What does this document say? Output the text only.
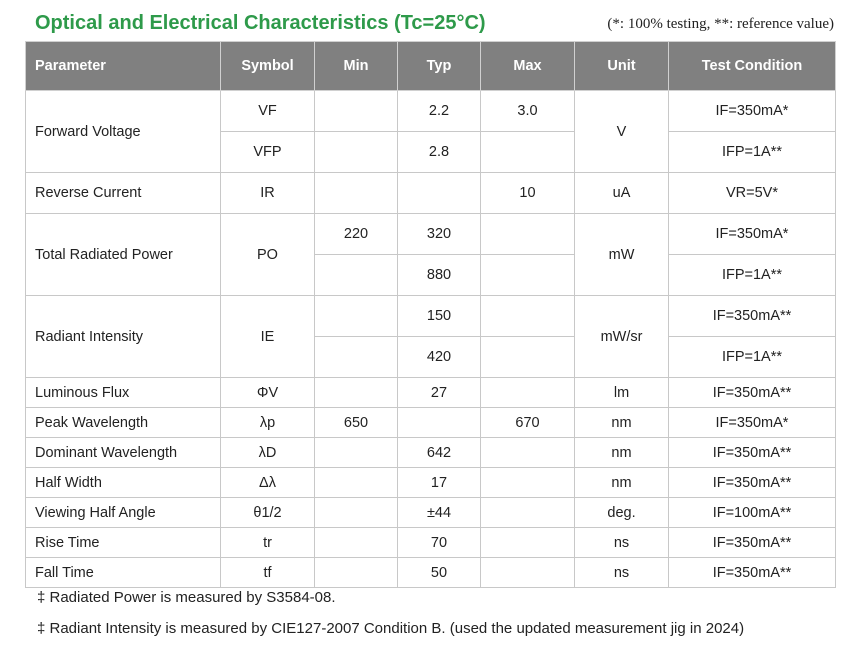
Optical and Electrical Characteristics (Tc=25°C)	(*: 100% testing, **: reference value)
Parameter	Symbol	Min	Typ	Max	Unit	Test Condition
Forward Voltage	VF		2.2	3.0	V	IF=350mA*
	VFP		2.8			IFP=1A**
Reverse Current	IR			10	uA	VR=5V*
Total Radiated Power	PO	220	320		mW	IF=350mA*
			880			IFP=1A**
Radiant Intensity	IE		150		mW/sr	IF=350mA**
			420			IFP=1A**
Luminous Flux	ΦV		27		lm	IF=350mA**
Peak Wavelength	λp	650		670	nm	IF=350mA*
Dominant Wavelength	λD		642		nm	IF=350mA**
Half Width	Δλ		17		nm	IF=350mA**
Viewing Half Angle	θ1/2		±44		deg.	IF=100mA**
Rise Time	tr		70		ns	IF=350mA**
Fall Time	tf		50		ns	IF=350mA**
‡ Radiated Power is measured by S3584-08.
‡ Radiant Intensity is measured by CIE127-2007 Condition B. (used the updated measurement jig in 2024)
